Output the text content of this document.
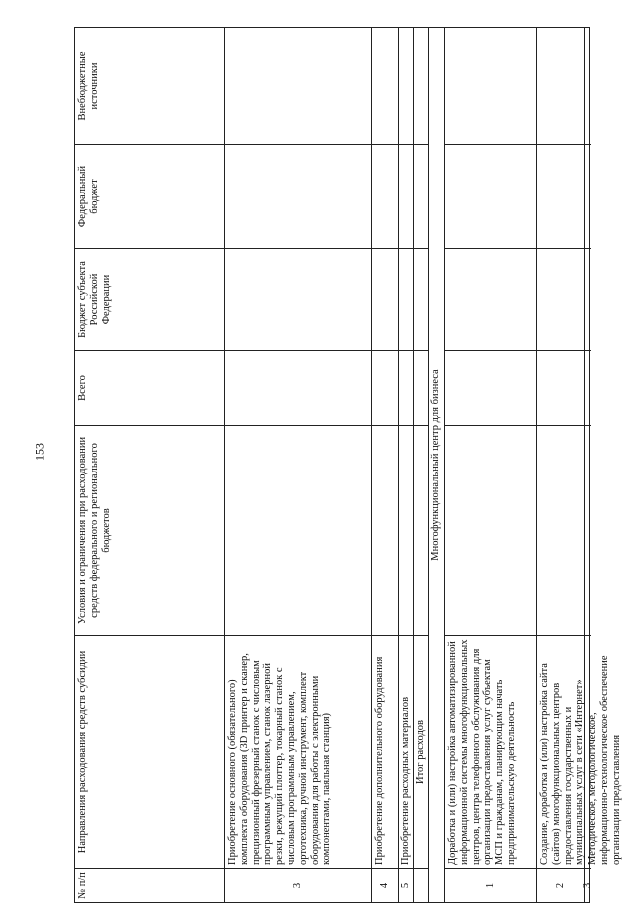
153
№ п/п
Направления расходования средств субсидии
Условия и ограничения при расходовании средств федерального и регионального бюджетов
Всего
Бюджет субъекта Российской Федерации
Федеральный бюджет
Внебюджетные источники
3
Приобретение основного (обязательного) комплекта оборудования (3D принтер и сканер, прецизионный фрезерный станок с числовым программным управлением, станок лазерной резки, режущий плоттер, токарный станок с числовым программным управлением, ортотехника, ручной инструмент, комплект оборудования для работы с электронными компонентами, паяльная станция)
4
Приобретение дополнительного оборудования
5
Приобретение расходных материалов Итог расходов
Многофункциональный центр для бизнеса
1
Доработка и (или) настройка автоматизированной информационной системы многофункциональных центров, центра телефонного обслуживания для организации предоставления услуг субъектам МСП и гражданам, планирующим начать предпринимательскую деятельность
2
Создание, доработка и (или) настройка сайта (сайтов) многофункциональных центров предоставления государственных и муниципальных услуг в сети «Интернет»
3
Методическое, методологическое, информационно-технологическое обеспечение организации предоставления
